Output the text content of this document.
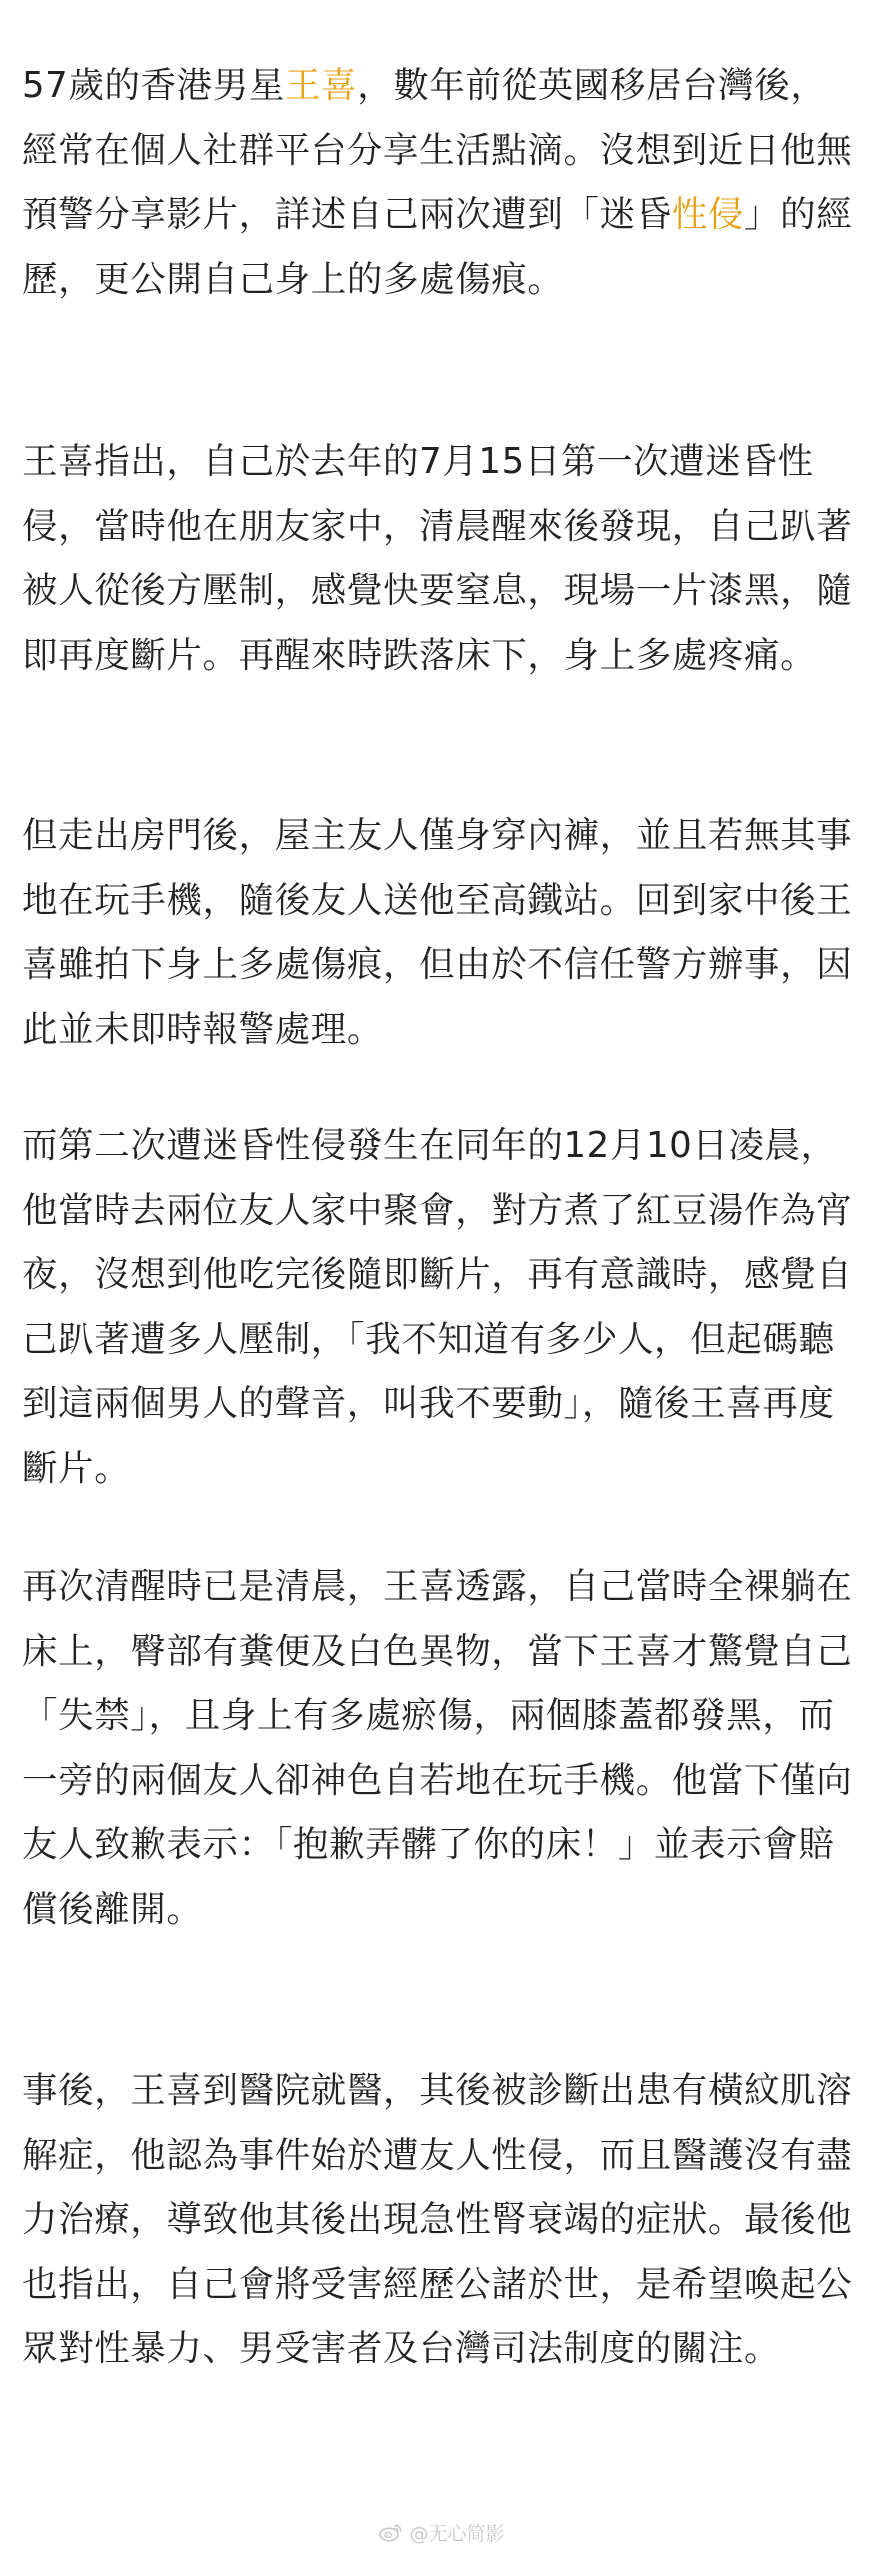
57歲的香港男星王喜，數年前從英國移居台灣後，經常在個人社群平台分享生活點滴。沒想到近日他無預警分享影片，詳述自己兩次遭到「迷昏性侵」的經歷，更公開自己身上的多處傷痕。

王喜指出，自己於去年的7月15日第一次遭迷昏性侵，當時他在朋友家中，清晨醒來後發現，自己趴著被人從後方壓制，感覺快要窒息，現場一片漆黑，隨即再度斷片。再醒來時跌落床下，身上多處疼痛。

但走出房門後，屋主友人僅身穿內褲，並且若無其事地在玩手機，隨後友人送他至高鐵站。回到家中後王喜雖拍下身上多處傷痕，但由於不信任警方辦事，因此並未即時報警處理。

而第二次遭迷昏性侵發生在同年的12月10日凌晨，他當時去兩位友人家中聚會，對方煮了紅豆湯作為宵夜，沒想到他吃完後隨即斷片，再有意識時，感覺自己趴著遭多人壓制，「我不知道有多少人，但起碼聽到這兩個男人的聲音，叫我不要動」，隨後王喜再度斷片。

再次清醒時已是清晨，王喜透露，自己當時全裸躺在床上，臀部有糞便及白色異物，當下王喜才驚覺自己「失禁」，且身上有多處瘀傷，兩個膝蓋都發黑，而一旁的兩個友人卻神色自若地在玩手機。他當下僅向友人致歉表示：「抱歉弄髒了你的床！」並表示會賠償後離開。

事後，王喜到醫院就醫，其後被診斷出患有橫紋肌溶解症，他認為事件始於遭友人性侵，而且醫護沒有盡力治療，導致他其後出現急性腎衰竭的症狀。最後他也指出，自己會將受害經歷公諸於世，是希望喚起公眾對性暴力、男受害者及台灣司法制度的關注。

@无心简影
